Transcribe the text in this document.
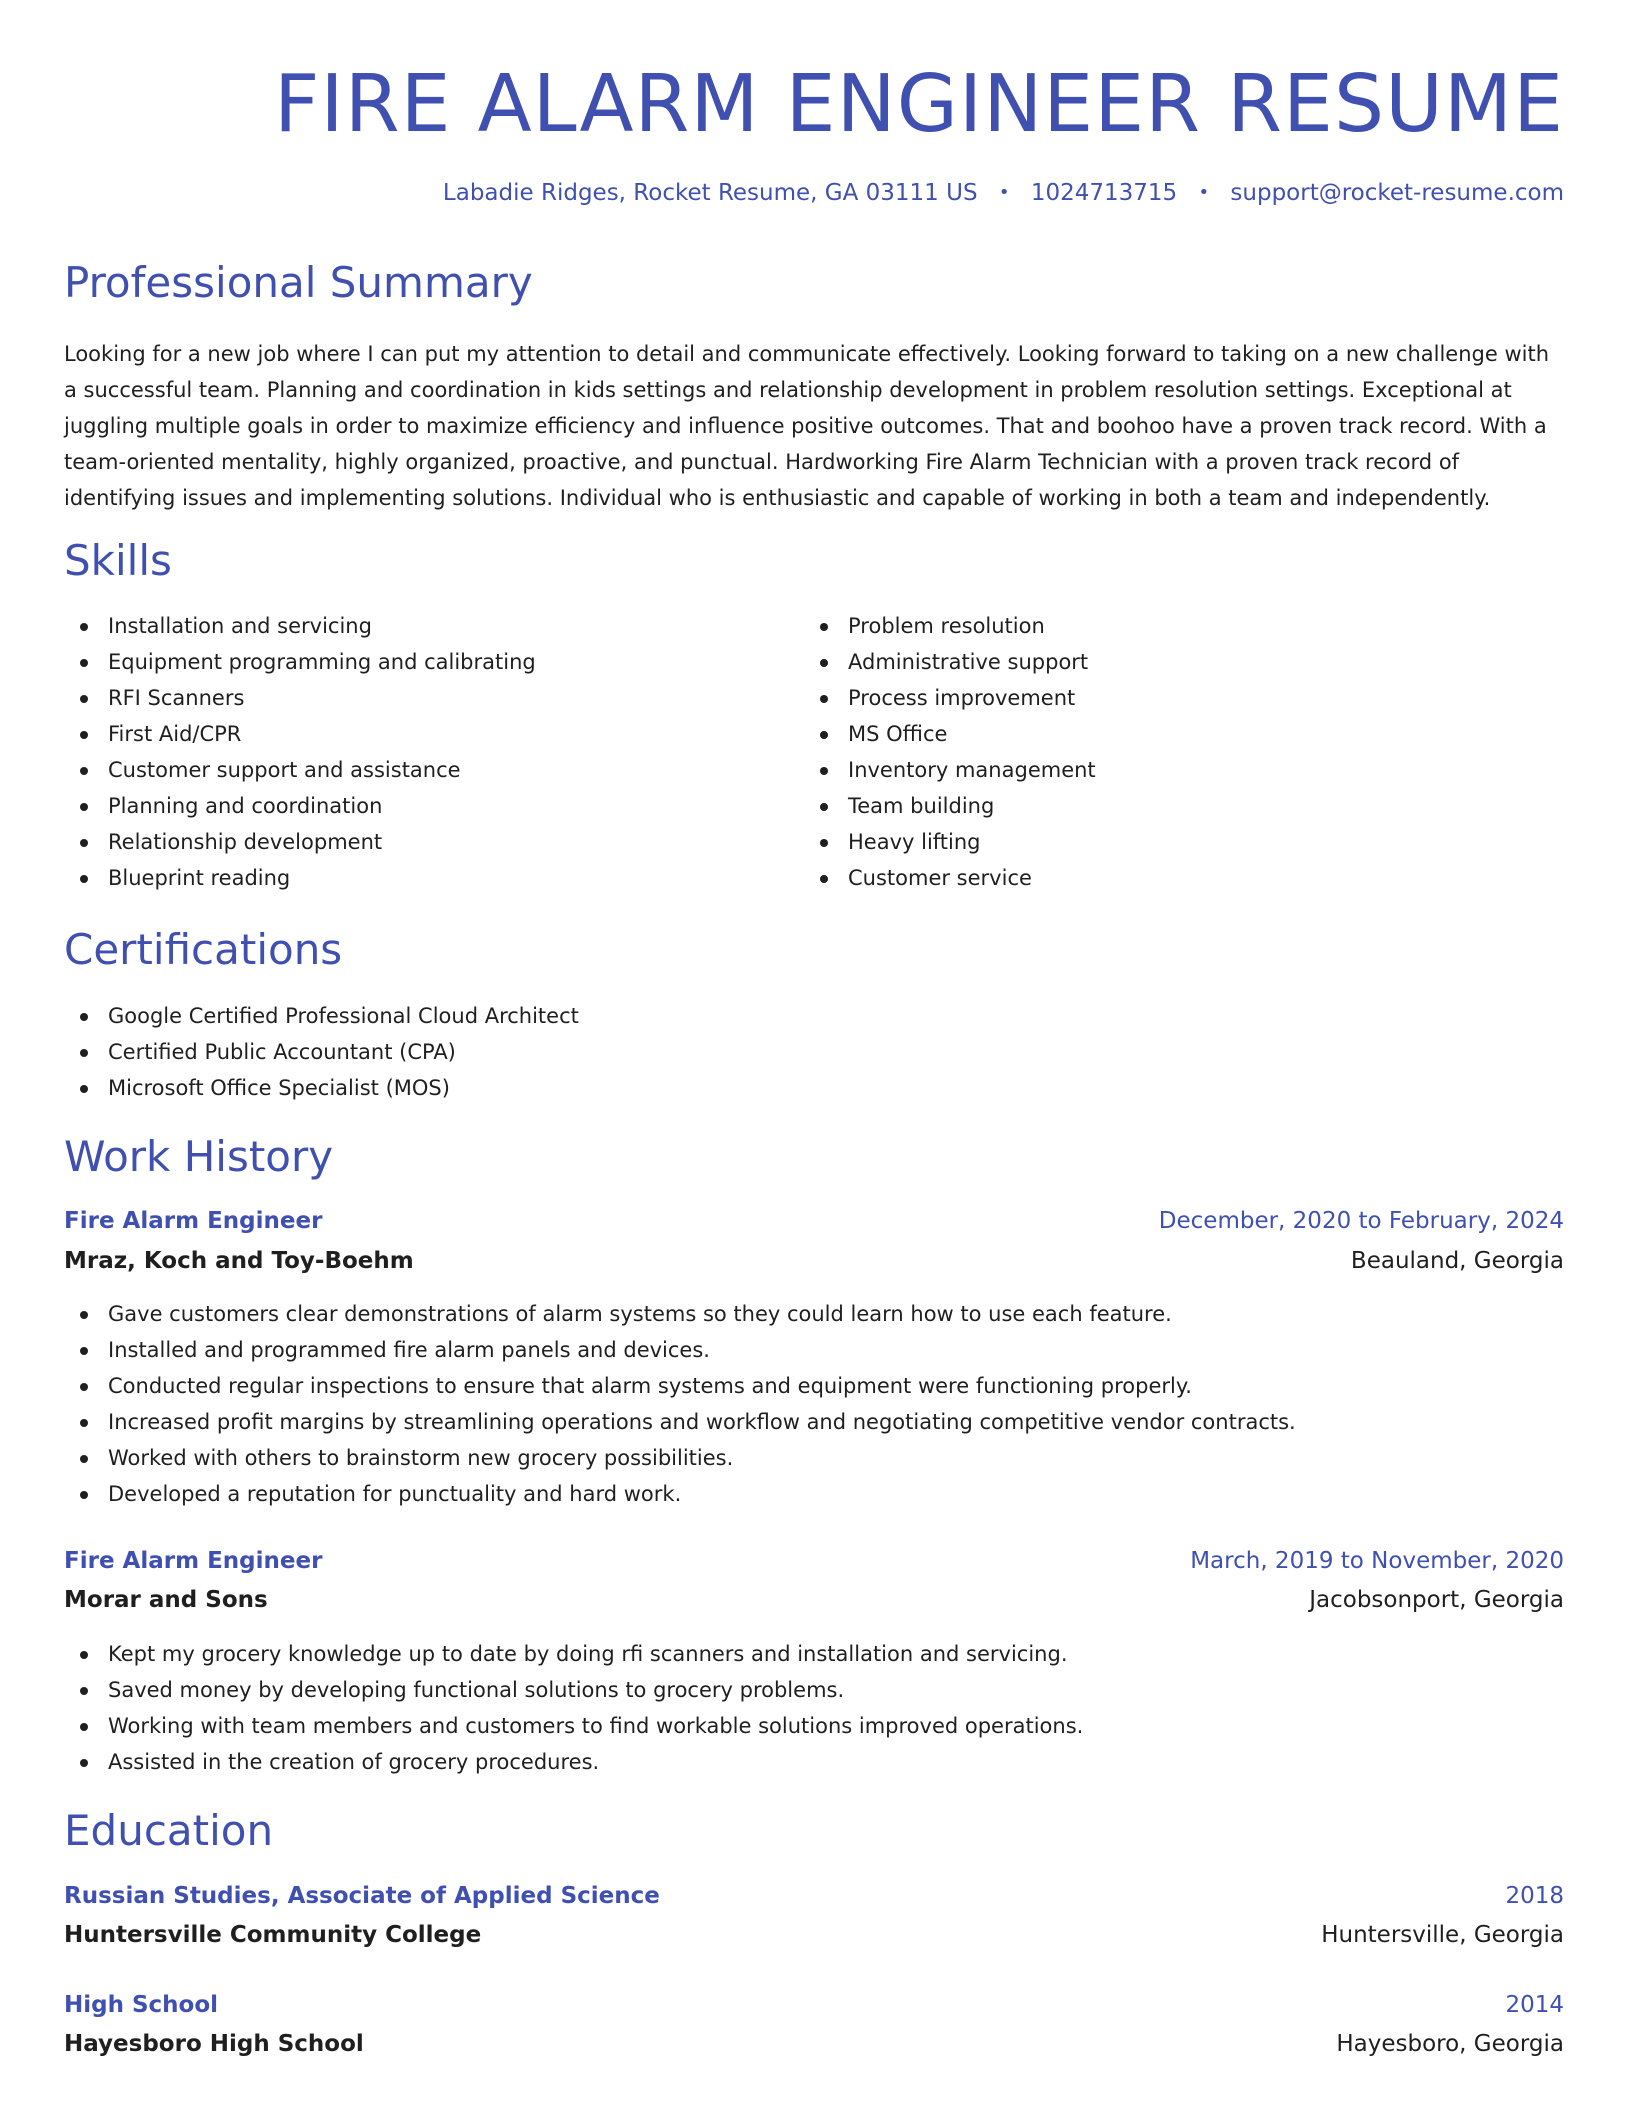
FIRE ALARM ENGINEER RESUME
Labadie Ridges, Rocket Resume, GA 03111 US • 1024713715 • support@rocket-resume.com
Professional Summary

Looking for a new job where I can put my attention to detail and communicate effectively. Looking forward to taking on a new challenge with a successful team. Planning and coordination in kids settings and relationship development in problem resolution settings. Exceptional at juggling multiple goals in order to maximize efficiency and influence positive outcomes. That and boohoo have a proven track record. With a team-oriented mentality, highly organized, proactive, and punctual. Hardworking Fire Alarm Technician with a proven track record of identifying issues and implementing solutions. Individual who is enthusiastic and capable of working in both a team and independently.

Skills
Installation and servicing
Equipment programming and calibrating
RFI Scanners
First Aid/CPR
Customer support and assistance
Planning and coordination
Relationship development
Blueprint reading
Problem resolution
Administrative support
Process improvement
MS Office
Inventory management
Team building
Heavy lifting
Customer service
Certifications
Google Certified Professional Cloud Architect
Certified Public Accountant (CPA)
Microsoft Office Specialist (MOS)
Work History
Fire Alarm Engineer	December, 2020 to February, 2024
Mraz, Koch and Toy-Boehm	Beauland, Georgia
Gave customers clear demonstrations of alarm systems so they could learn how to use each feature.
Installed and programmed fire alarm panels and devices.
Conducted regular inspections to ensure that alarm systems and equipment were functioning properly.
Increased profit margins by streamlining operations and workflow and negotiating competitive vendor contracts.
Worked with others to brainstorm new grocery possibilities.
Developed a reputation for punctuality and hard work.
Fire Alarm Engineer	March, 2019 to November, 2020
Morar and Sons	Jacobsonport, Georgia
Kept my grocery knowledge up to date by doing rfi scanners and installation and servicing.
Saved money by developing functional solutions to grocery problems.
Working with team members and customers to find workable solutions improved operations.
Assisted in the creation of grocery procedures.
Education
Russian Studies, Associate of Applied Science	2018
Huntersville Community College	Huntersville, Georgia
High School	2014
Hayesboro High School	Hayesboro, Georgia
